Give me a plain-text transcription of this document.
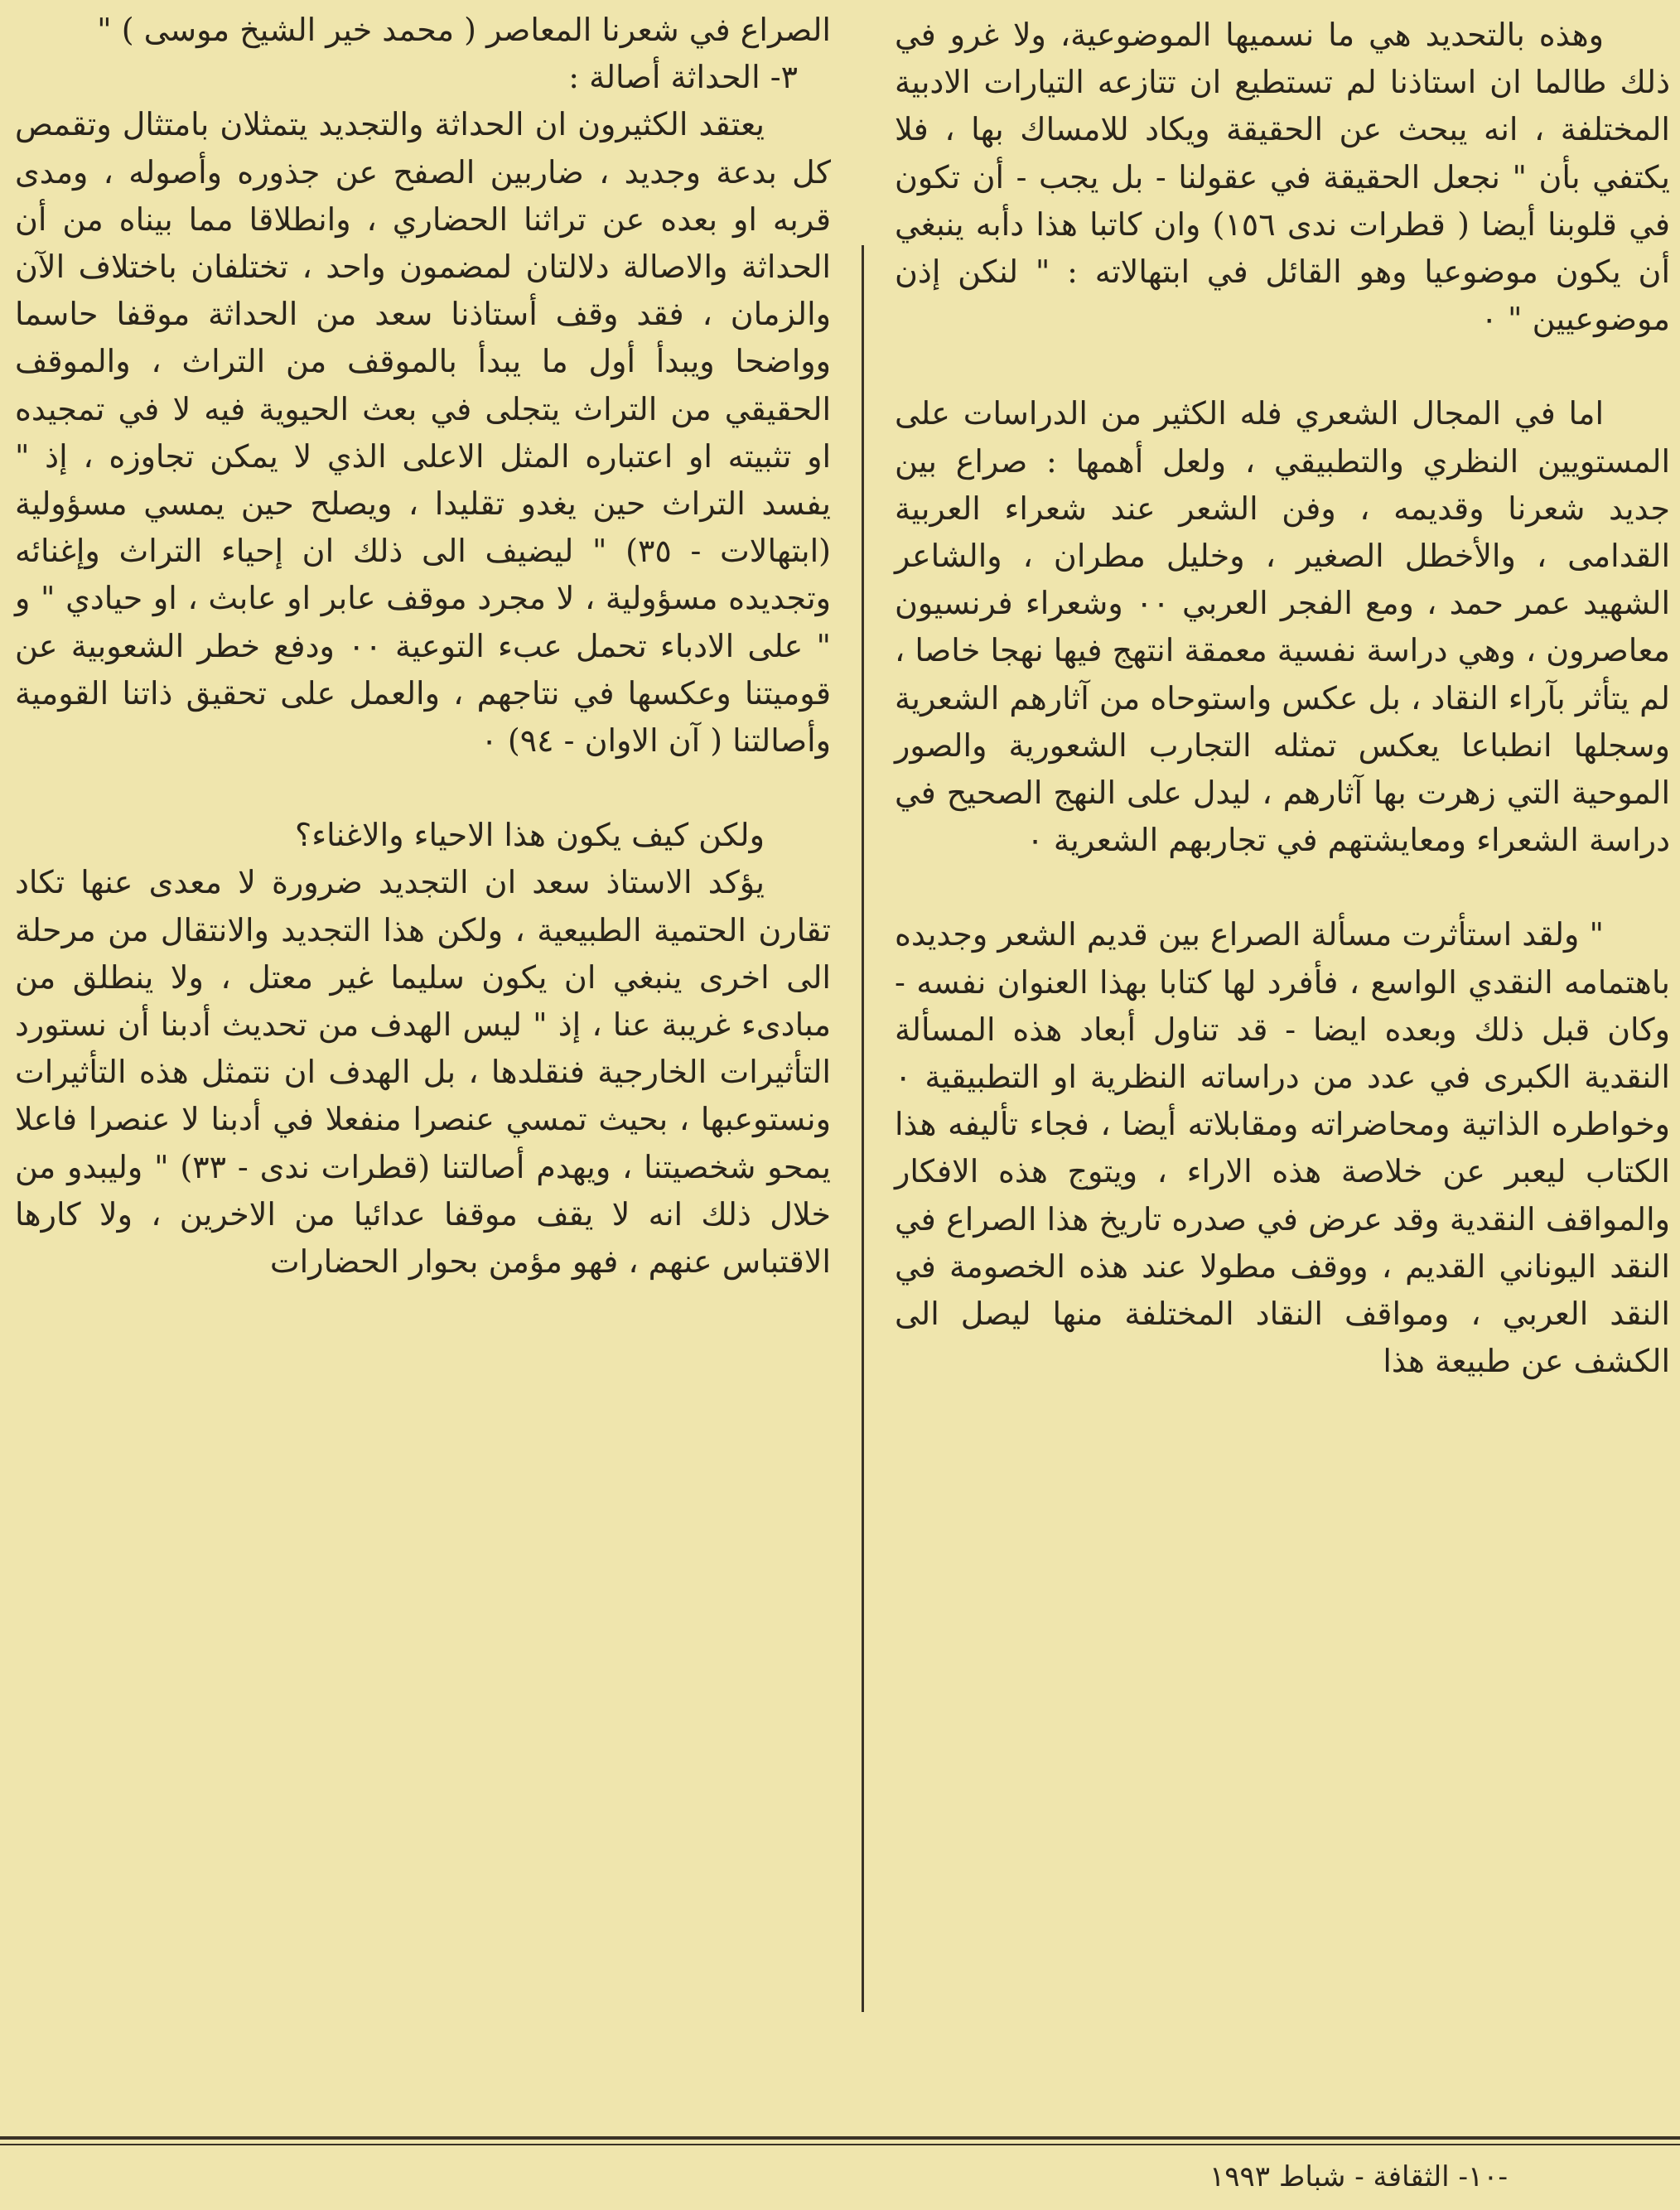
وهذه بالتحديد هي ما نسميها الموضوعية، ولا غرو في ذلك طالما ان استاذنا لم تستطيع ان تتازعه التيارات الادبية المختلفة ، انه يبحث عن الحقيقة ويكاد للامساك بها ، فلا يكتفي بأن " نجعل الحقيقة في عقولنا - بل يجب - أن تكون في قلوبنا أيضا ( قطرات ندى ١٥٦) وان كاتبا هذا دأبه ينبغي أن يكون موضوعيا وهو القائل في ابتهالاته : " لنكن إذن موضوعيين " ٠

اما في المجال الشعري فله الكثير من الدراسات على المستويين النظري والتطبيقي ، ولعل أهمها : صراع بين جديد شعرنا وقديمه ، وفن الشعر عند شعراء العربية القدامى ، والأخطل الصغير ، وخليل مطران ، والشاعر الشهيد عمر حمد ، ومع الفجر العربي ٠٠ وشعراء فرنسيون معاصرون ، وهي دراسة نفسية معمقة انتهج فيها نهجا خاصا ، لم يتأثر بآراء النقاد ، بل عكس واستوحاه من آثارهم الشعرية وسجلها انطباعا يعكس تمثله التجارب الشعورية والصور الموحية التي زهرت بها آثارهم ، ليدل على النهج الصحيح في دراسة الشعراء ومعايشتهم في تجاربهم الشعرية ٠

" ولقد استأثرت مسألة الصراع بين قديم الشعر وجديده باهتمامه النقدي الواسع ، فأفرد لها كتابا بهذا العنوان نفسه - وكان قبل ذلك وبعده ايضا - قد تناول أبعاد هذه المسألة النقدية الكبرى في عدد من دراساته النظرية او التطبيقية ٠ وخواطره الذاتية ومحاضراته ومقابلاته أيضا ، فجاء تأليفه هذا الكتاب ليعبر عن خلاصة هذه الاراء ، ويتوج هذه الافكار والمواقف النقدية وقد عرض في صدره تاريخ هذا الصراع في النقد اليوناني القديم ، ووقف مطولا عند هذه الخصومة في النقد العربي ، ومواقف النقاد المختلفة منها ليصل الى الكشف عن طبيعة هذا

الصراع في شعرنا المعاصر ( محمد خير الشيخ موسى ) "

٣- الحداثة أصالة :

يعتقد الكثيرون ان الحداثة والتجديد يتمثلان بامتثال وتقمص كل بدعة وجديد ، ضاربين الصفح عن جذوره وأصوله ، ومدى قربه او بعده عن تراثنا الحضاري ، وانطلاقا مما بيناه من أن الحداثة والاصالة دلالتان لمضمون واحد ، تختلفان باختلاف الآن والزمان ، فقد وقف أستاذنا سعد من الحداثة موقفا حاسما وواضحا ويبدأ أول ما يبدأ بالموقف من التراث ، والموقف الحقيقي من التراث يتجلى في بعث الحيوية فيه لا في تمجيده او تثبيته او اعتباره المثل الاعلى الذي لا يمكن تجاوزه ، إذ " يفسد التراث حين يغدو تقليدا ، ويصلح حين يمسي مسؤولية (ابتهالات - ٣٥) " ليضيف الى ذلك ان إحياء التراث وإغنائه وتجديده مسؤولية ، لا مجرد موقف عابر او عابث ، او حيادي " و " على الادباء تحمل عبء التوعية ٠٠ ودفع خطر الشعوبية عن قوميتنا وعكسها في نتاجهم ، والعمل على تحقيق ذاتنا القومية وأصالتنا ( آن الاوان - ٩٤) ٠

ولكن كيف يكون هذا الاحياء والاغناء؟

يؤكد الاستاذ سعد ان التجديد ضرورة لا معدى عنها تكاد تقارن الحتمية الطبيعية ، ولكن هذا التجديد والانتقال من مرحلة الى اخرى ينبغي ان يكون سليما غير معتل ، ولا ينطلق من مبادىء غريبة عنا ، إذ " ليس الهدف من تحديث أدبنا أن نستورد التأثيرات الخارجية فنقلدها ، بل الهدف ان نتمثل هذه التأثيرات ونستوعبها ، بحيث تمسي عنصرا منفعلا في أدبنا لا عنصرا فاعلا يمحو شخصيتنا ، ويهدم أصالتنا (قطرات ندى - ٣٣) " وليبدو من خلال ذلك انه لا يقف موقفا عدائيا من الاخرين ، ولا كارها الاقتباس عنهم ، فهو مؤمن بحوار الحضارات

-١٠- الثقافة - شباط ١٩٩٣
